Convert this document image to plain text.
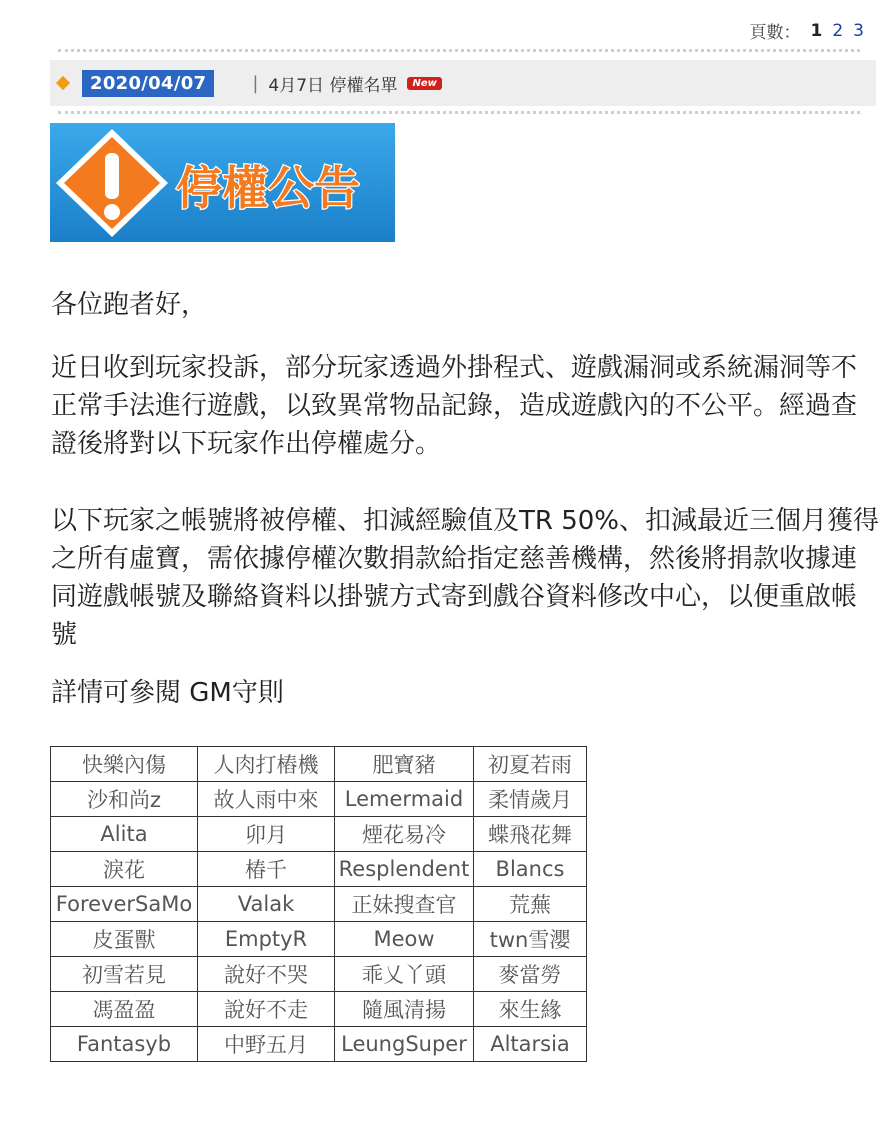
頁數： 1 2 3
2020/04/07	| 4月7日 停權名單	New
停權公告

各位跑者好，

近日收到玩家投訴，部分玩家透過外掛程式、遊戲漏洞或系統漏洞等不正常手法進行遊戲，以致異常物品記錄，造成遊戲內的不公平。經過查證後將對以下玩家作出停權處分。

以下玩家之帳號將被停權、扣減經驗值及TR 50%、扣減最近三個月獲得之所有虛寶，需依據停權次數捐款給指定慈善機構，然後將捐款收據連同遊戲帳號及聯絡資料以掛號方式寄到戲谷資料修改中心，以便重啟帳號

詳情可參閱 GM守則

快樂內傷	人肉打樁機	肥寶豬	初夏若雨
沙和尚z	故人雨中來	Lemermaid	柔情歲月
Alita	卯月	煙花易冷	蝶飛花舞
淚花	椿千	Resplendent	Blancs
ForeverSaMo	Valak	正妹搜查官	荒蕪
皮蛋獸	EmptyR	Meow	twn雪瀴
初雪若見	說好不哭	乖乂丫頭	麥當勞
馮盈盈	說好不走	隨風清揚	來生緣
Fantasyb	中野五月	LeungSuper	Altarsia
